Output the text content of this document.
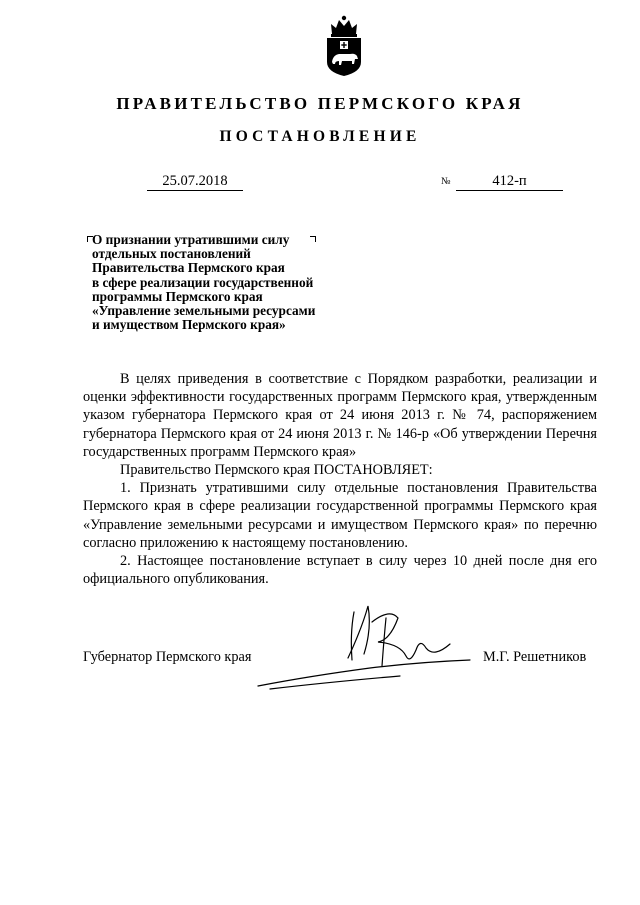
ПРАВИТЕЛЬСТВО ПЕРМСКОГО КРАЯ
ПОСТАНОВЛЕНИЕ
25.07.2018	№	412-п
О признании утратившими силу
отдельных постановлений
Правительства Пермского края
в сфере реализации государственной
программы Пермского края
«Управление земельными ресурсами
и имуществом Пермского края»

В целях приведения в соответствие с Порядком разработки, реализации и оценки эффективности государственных программ Пермского края, утвержденным указом губернатора Пермского края от 24 июня 2013 г. № 74, распоряжением губернатора Пермского края от 24 июня 2013 г. № 146-р «Об утверждении Перечня государственных программ Пермского края»

Правительство Пермского края ПОСТАНОВЛЯЕТ:

1. Признать утратившими силу отдельные постановления Правительства Пермского края в сфере реализации государственной программы Пермского края «Управление земельными ресурсами и имуществом Пермского края» по перечню согласно приложению к настоящему постановлению.

2. Настоящее постановление вступает в силу через 10 дней после дня его официального опубликования.

Губернатор Пермского края	М.Г. Решетников
